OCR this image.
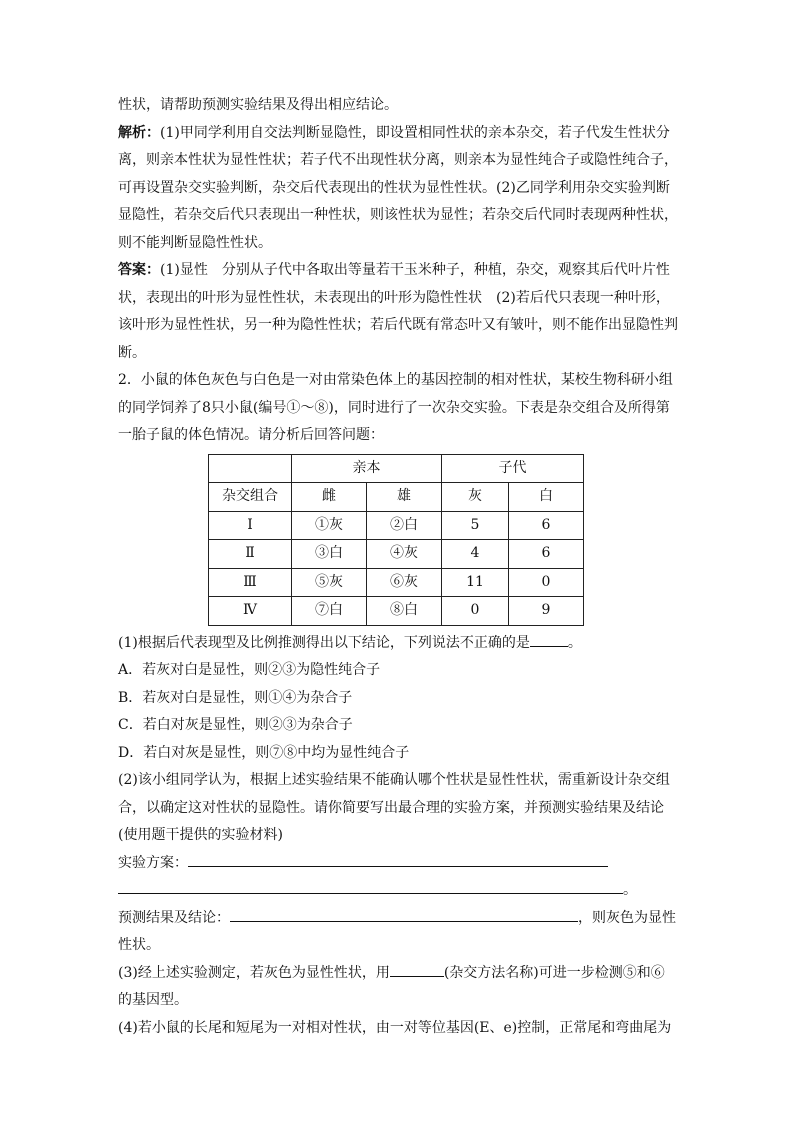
性状，请帮助预测实验结果及得出相应结论。

解析：(1)甲同学利用自交法判断显隐性，即设置相同性状的亲本杂交，若子代发生性状分离，则亲本性状为显性性状；若子代不出现性状分离，则亲本为显性纯合子或隐性纯合子，可再设置杂交实验判断，杂交后代表现出的性状为显性性状。(2)乙同学利用杂交实验判断显隐性，若杂交后代只表现出一种性状，则该性状为显性；若杂交后代同时表现两种性状，则不能判断显隐性性状。

答案：(1)显性　分别从子代中各取出等量若干玉米种子，种植，杂交，观察其后代叶片性状，表现出的叶形为显性性状，未表现出的叶形为隐性性状　(2)若后代只表现一种叶形，该叶形为显性性状，另一种为隐性性状；若后代既有常态叶又有皱叶，则不能作出显隐性判断。

2．小鼠的体色灰色与白色是一对由常染色体上的基因控制的相对性状，某校生物科研小组的同学饲养了8只小鼠(编号①～⑧)，同时进行了一次杂交实验。下表是杂交组合及所得第一胎子鼠的体色情况。请分析后回答问题：

	亲本		子代	
杂交组合	雌	雄	灰	白
Ⅰ	①灰	②白	5	6
Ⅱ	③白	④灰	4	6
Ⅲ	⑤灰	⑥灰	11	0
Ⅳ	⑦白	⑧白	0	9

(1)根据后代表现型及比例推测得出以下结论，下列说法不正确的是	。

A．若灰对白是显性，则②③为隐性纯合子

B．若灰对白是显性，则①④为杂合子

C．若白对灰是显性，则②③为杂合子

D．若白对灰是显性，则⑦⑧中均为显性纯合子

(2)该小组同学认为，根据上述实验结果不能确认哪个性状是显性性状，需重新设计杂交组合，以确定这对性状的显隐性。请你简要写出最合理的实验方案，并预测实验结果及结论(使用题干提供的实验材料)

实验方案：

。

预测结果及结论：	，则灰色为显性性状。

(3)经上述实验测定，若灰色为显性性状，用	(杂交方法名称)可进一步检测⑤和⑥的基因型。

(4)若小鼠的长尾和短尾为一对相对性状，由一对等位基因(E、e)控制，正常尾和弯曲尾为
